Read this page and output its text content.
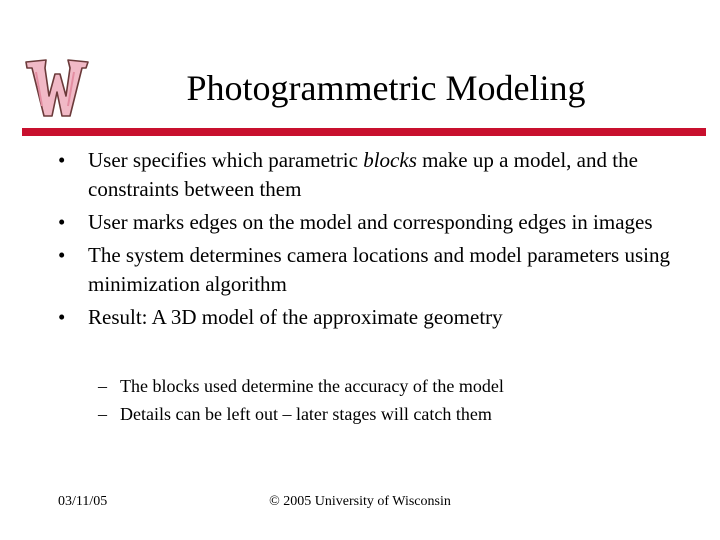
Photogrammetric Modeling
• User specifies which parametric blocks make up a model, and the constraints between them
• User marks edges on the model and corresponding edges in images
• The system determines camera locations and model parameters using minimization algorithm
• Result: A 3D model of the approximate geometry
– The blocks used determine the accuracy of the model
– Details can be left out – later stages will catch them
03/11/05	© 2005 University of Wisconsin
